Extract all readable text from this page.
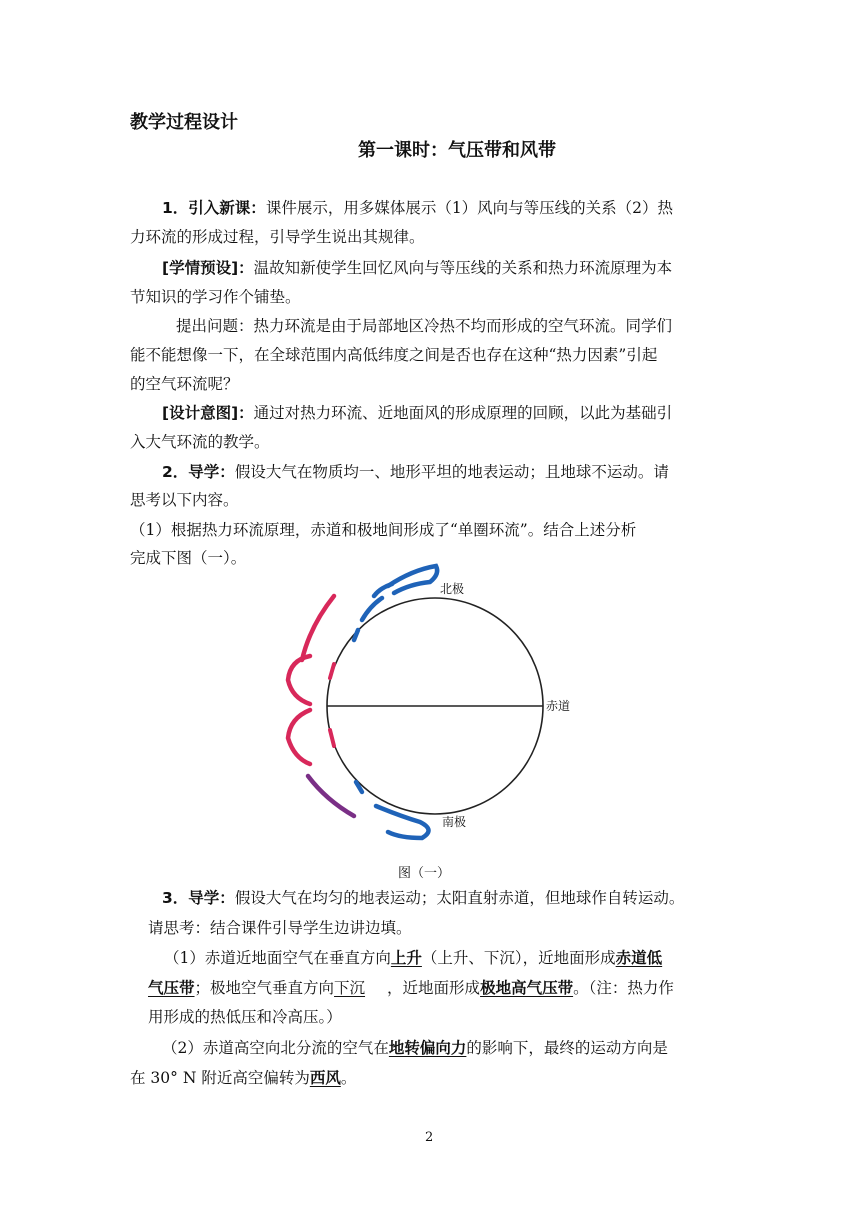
教学过程设计
第一课时：气压带和风带
1．引入新课：课件展示，用多媒体展示（1）风向与等压线的关系（2）热
力环流的形成过程，引导学生说出其规律。
[学情预设]：温故知新使学生回忆风向与等压线的关系和热力环流原理为本
节知识的学习作个铺垫。
提出问题：热力环流是由于局部地区冷热不均而形成的空气环流。同学们
能不能想像一下，在全球范围内高低纬度之间是否也存在这种“热力因素”引起
的空气环流呢？
[设计意图]：通过对热力环流、近地面风的形成原理的回顾，以此为基础引
入大气环流的教学。
2．导学：假设大气在物质均一、地形平坦的地表运动；且地球不运动。请
思考以下内容。
（1）根据热力环流原理，赤道和极地间形成了“单圈环流”。结合上述分析
完成下图（一）。
北极
赤道
南极
图（一）
3．导学：假设大气在均匀的地表运动；太阳直射赤道，但地球作自转运动。
请思考：结合课件引导学生边讲边填。
（1）赤道近地面空气在垂直方向上升（上升、下沉），近地面形成赤道低
气压带；极地空气垂直方向下沉 ，近地面形成极地高气压带。（注：热力作
用形成的热低压和冷高压。）
（2）赤道高空向北分流的空气在地转偏向力的影响下，最终的运动方向是
在 30° N 附近高空偏转为西风。
2
